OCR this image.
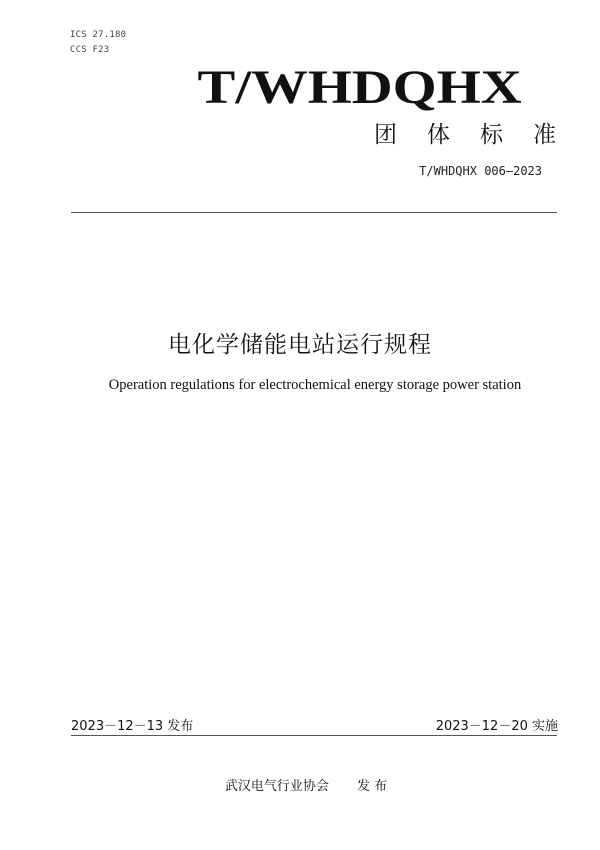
ICS 27.180
CCS F23
T/WHDQHX
团体标准
T/WHDQHX 006—2023
电化学储能电站运行规程
Operation regulations for electrochemical energy storage power station
2023－12－13 发布	2023－12－20 实施
武汉电气行业协会 发 布
